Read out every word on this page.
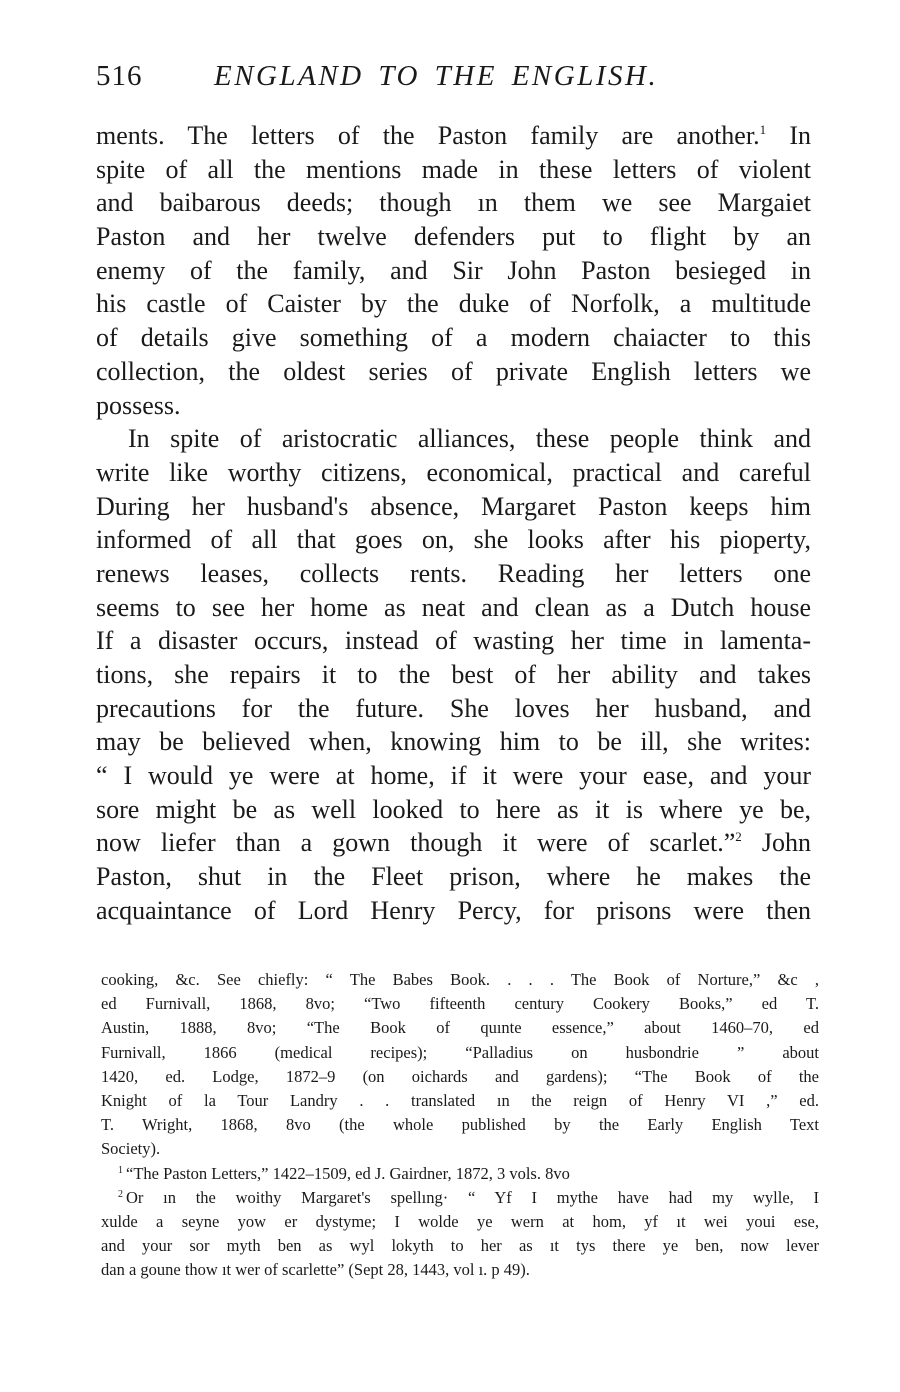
516 ENGLAND TO THE ENGLISH.
ments. The letters of the Paston family are another.$^1$ In
spite of all the mentions made in these letters of violent
and baibarous deeds; though ın them we see Margaiet
Paston and her twelve defenders put to flight by an
enemy of the family, and Sir John Paston besieged in
his castle of Caister by the duke of Norfolk, a multitude
of details give something of a modern chaiacter to this
collection, the oldest series of private English letters we
possess.
In spite of aristocratic alliances, these people think and
write like worthy citizens, economical, practical and careful
During her husband's absence, Margaret Paston keeps him
informed of all that goes on, she looks after his pioperty,
renews leases, collects rents. Reading her letters one
seems to see her home as neat and clean as a Dutch house
If a disaster occurs, instead of wasting her time in lamenta-
tions, she repairs it to the best of her ability and takes
precautions for the future. She loves her husband, and
may be believed when, knowing him to be ill, she writes:
“ I would ye were at home, if it were your ease, and your
sore might be as well looked to here as it is where ye be,
now liefer than a gown though it were of scarlet.”$^2$ John
Paston, shut in the Fleet prison, where he makes the
acquaintance of Lord Henry Percy, for prisons were then
cooking, &c. See chiefly: “ The Babes Book. . . . The Book of Norture,” &c ,
ed Furnivall, 1868, 8vo; “Two fifteenth century Cookery Books,” ed T.
Austin, 1888, 8vo; “The Book of quınte essence,” about 1460–70, ed
Furnivall, 1866 (medical recipes); “Palladius on husbondrie ” about
1420, ed. Lodge, 1872–9 (on oichards and gardens); “The Book of the
Knight of la Tour Landry . . translated ın the reign of Henry VI ,” ed.
T. Wright, 1868, 8vo (the whole published by the Early English Text
Society).
$^1$ “The Paston Letters,” 1422–1509, ed J. Gairdner, 1872, 3 vols. 8vo
$^2$ Or ın the woithy Margaret's spellıng· “ Yf I mythe have had my wylle, I
xulde a seyne yow er dystyme; I wolde ye wern at hom, yf ıt wei youi ese,
and your sor myth ben as wyl lokyth to her as ıt tys there ye ben, now lever
dan a goune thow ıt wer of scarlette” (Sept 28, 1443, vol ı. p 49).
